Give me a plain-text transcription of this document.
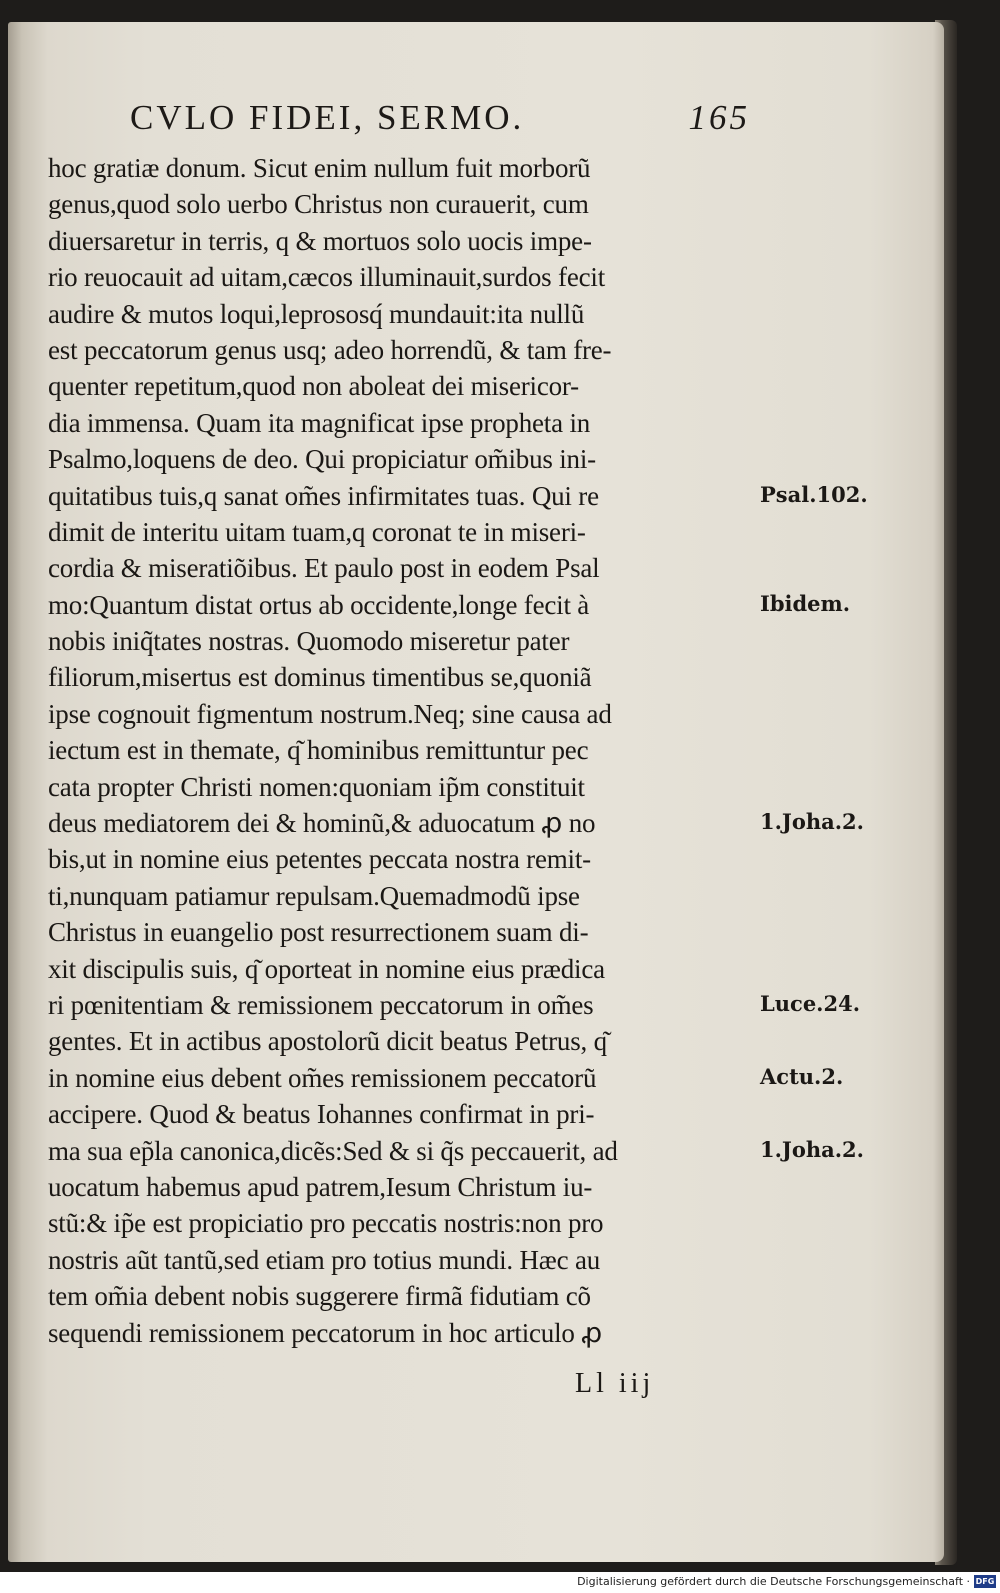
CVLO FIDEI, SERMO.	165
hoc gratiæ donum. Sicut enim nullum fuit morborũ
genus,quod solo uerbo Christus non curauerit, cum
diuersaretur in terris, q & mortuos solo uocis impe-
rio reuocauit ad uitam,cæcos illuminauit,surdos fecit
audire & mutos loqui,leprososq́ mundauit:ita nullũ
est peccatorum genus usq; adeo horrendũ, & tam fre-
quenter repetitum,quod non aboleat dei misericor-
dia immensa. Quam ita magnificat ipse propheta in
Psalmo,loquens de deo. Qui propiciatur om̃ibus ini-
quitatibus tuis,q sanat om̃es infirmitates tuas. Qui re
dimit de interitu uitam tuam,q coronat te in miseri-
cordia & miseratiõibus. Et paulo post in eodem Psal
mo:Quantum distat ortus ab occidente,longe fecit à
nobis iniq̃tates nostras. Quomodo miseretur pater
filiorum,misertus est dominus timentibus se,quoniã
ipse cognouit figmentum nostrum.Neq; sine causa ad
iectum est in themate, q͂ hominibus remittuntur pec
cata propter Christi nomen:quoniam ip̃m constituit
deus mediatorem dei & hominũ,& aduocatum ꝓ no
bis,ut in nomine eius petentes peccata nostra remit-
ti,nunquam patiamur repulsam.Quemadmodũ ipse
Christus in euangelio post resurrectionem suam di-
xit discipulis suis, q͂ oporteat in nomine eius prædica
ri pœnitentiam & remissionem peccatorum in om̃es
gentes. Et in actibus apostolorũ dicit beatus Petrus, q͂
in nomine eius debent om̃es remissionem peccatorũ
accipere. Quod & beatus Iohannes confirmat in pri-
ma sua ep̃la canonica,dicẽs:Sed & si q̃s peccauerit, ad
uocatum habemus apud patrem,Iesum Christum iu-
stũ:& ip̃e est propiciatio pro peccatis nostris:non pro
nostris aũt tantũ,sed etiam pro totius mundi. Hæc au
tem om̃ia debent nobis suggerere firmã fidutiam cõ
sequendi remissionem peccatorum in hoc articulo ꝓ
Psal.102.
Ibidem.
1.Joha.2.
Luce.24.
Actu.2.
1.Joha.2.
Ll iij
Digitalisierung gefördert durch die Deutsche Forschungsgemeinschaft · DFG
